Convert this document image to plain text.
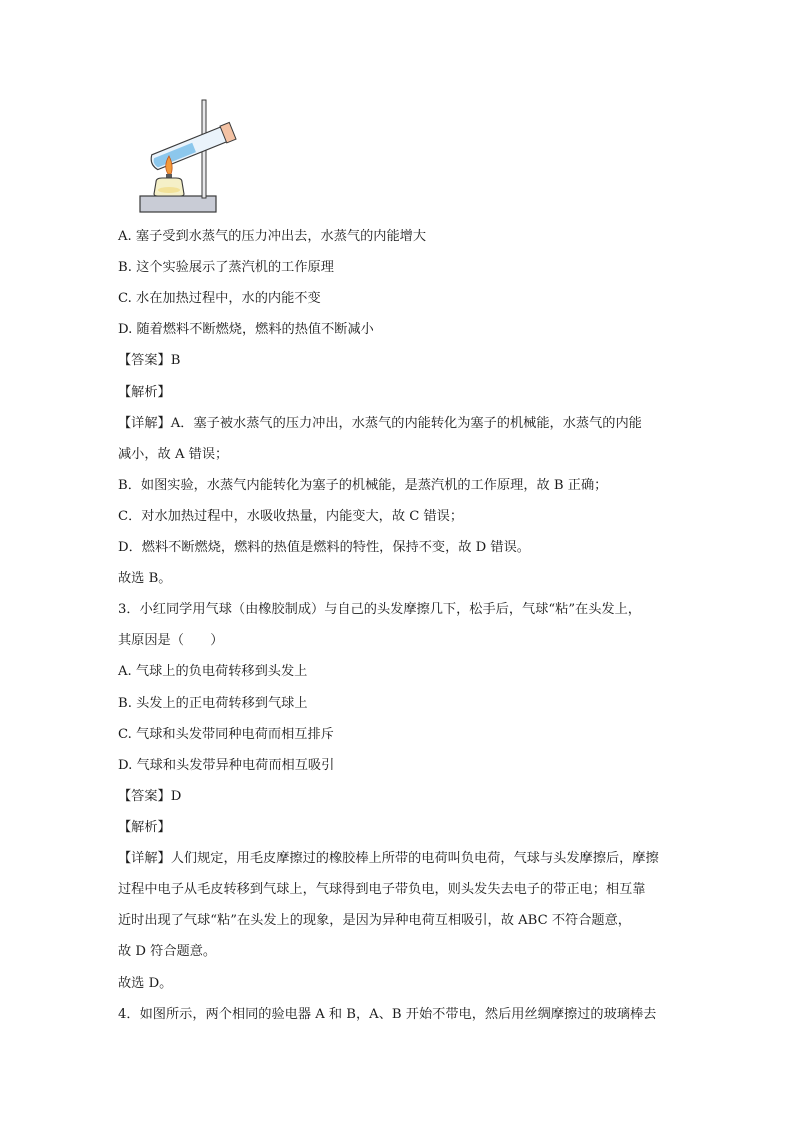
A. 塞子受到水蒸气的压力冲出去，水蒸气的内能增大
B. 这个实验展示了蒸汽机的工作原理
C. 水在加热过程中，水的内能不变
D. 随着燃料不断燃烧，燃料的热值不断减小
【答案】B
【解析】
【详解】A．塞子被水蒸气的压力冲出，水蒸气的内能转化为塞子的机械能，水蒸气的内能
减小，故 A 错误；
B．如图实验，水蒸气内能转化为塞子的机械能，是蒸汽机的工作原理，故 B 正确；
C．对水加热过程中，水吸收热量，内能变大，故 C 错误；
D．燃料不断燃烧，燃料的热值是燃料的特性，保持不变，故 D 错误。
故选 B。
3．小红同学用气球（由橡胶制成）与自己的头发摩擦几下，松手后，气球“粘”在头发上，
其原因是（　　）
A. 气球上的负电荷转移到头发上
B. 头发上的正电荷转移到气球上
C. 气球和头发带同种电荷而相互排斥
D. 气球和头发带异种电荷而相互吸引
【答案】D
【解析】
【详解】人们规定，用毛皮摩擦过的橡胶棒上所带的电荷叫负电荷，气球与头发摩擦后，摩擦
过程中电子从毛皮转移到气球上，气球得到电子带负电，则头发失去电子的带正电；相互靠
近时出现了气球“粘”在头发上的现象，是因为异种电荷互相吸引，故 ABC 不符合题意，
故 D 符合题意。
故选 D。
4．如图所示，两个相同的验电器 A 和 B，A、B 开始不带电，然后用丝绸摩擦过的玻璃棒去
